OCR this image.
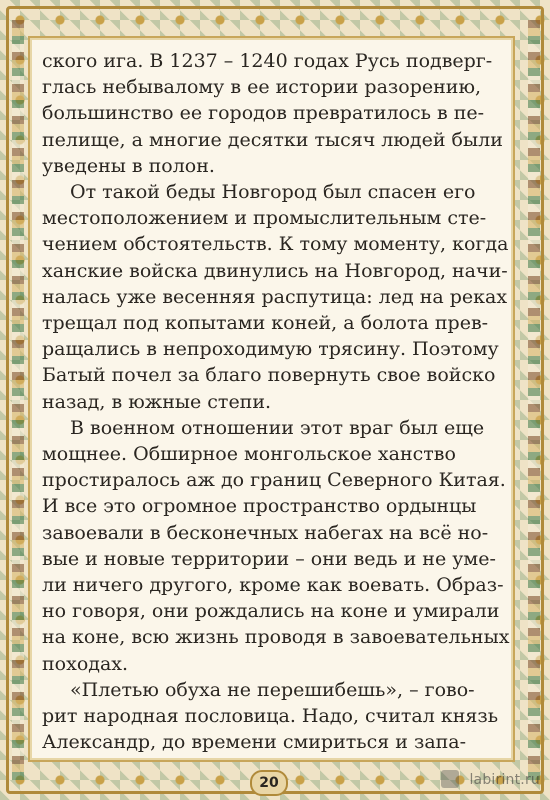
ского ига. В 1237 – 1240 годах Русь подверг-
глась небывалому в ее истории разорению,
большинство ее городов превратилось в пе-
пелище, а многие десятки тысяч людей были
уведены в полон.
От такой беды Новгород был спасен его
местоположением и промыслительным сте-
чением обстоятельств. К тому моменту, когда
ханские войска двинулись на Новгород, начи-
налась уже весенняя распутица: лед на реках
трещал под копытами коней, а болота прев-
ращались в непроходимую трясину. Поэтому
Батый почел за благо повернуть свое войско
назад, в южные степи.
В военном отношении этот враг был еще
мощнее. Обширное монгольское ханство
простиралось аж до границ Северного Китая.
И все это огромное пространство ордынцы
завоевали в бесконечных набегах на всё но-
вые и новые территории – они ведь и не уме-
ли ничего другого, кроме как воевать. Образ-
но говоря, они рождались на коне и умирали
на коне, всю жизнь проводя в завоевательных
походах.
«Плетью обуха не перешибешь», – гово-
рит народная пословица. Надо, считал князь
Александр, до времени смириться и запа-
20	labirint.ru
